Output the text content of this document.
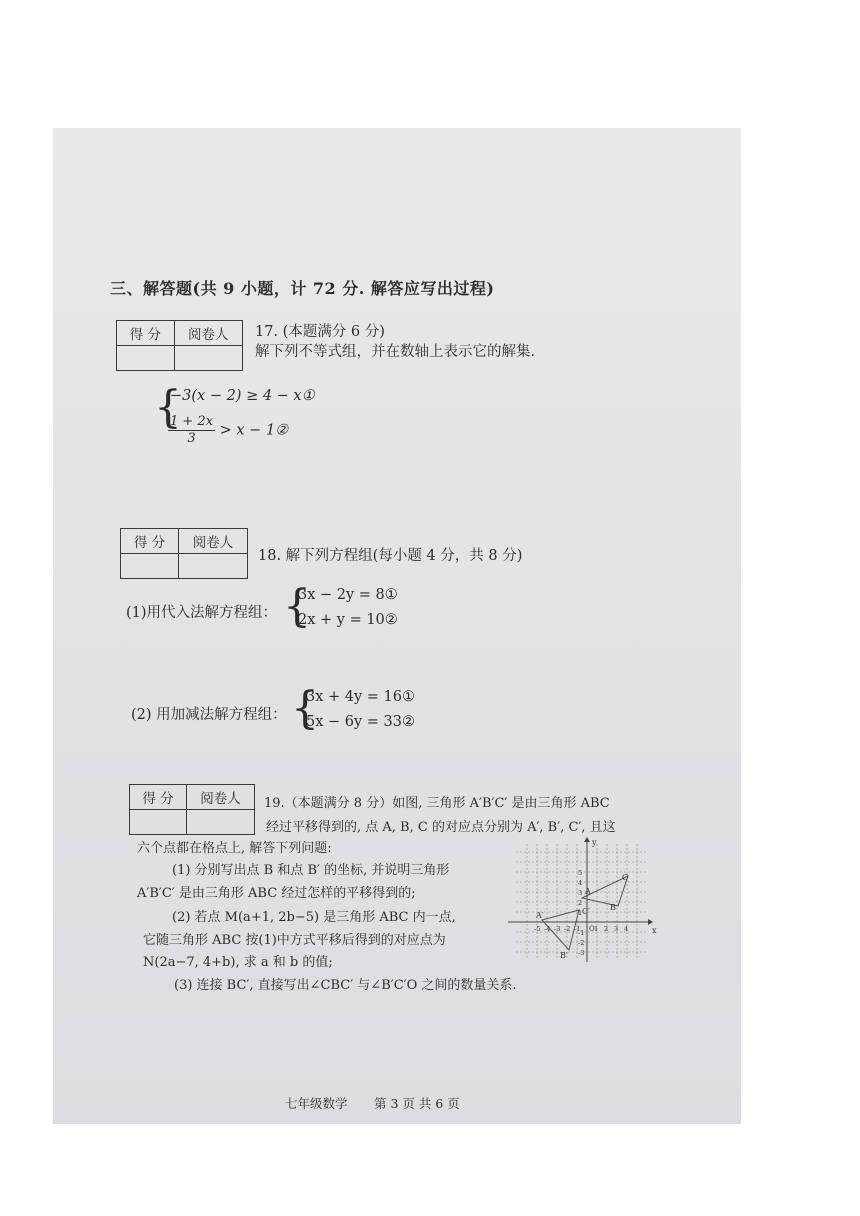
三、解答题(共 9 小题，计 72 分. 解答应写出过程)
得 分	阅卷人
	17. (本题满分 6 分)
解下列不等式组，并在数轴上表示它的解集.
{
−3(x − 2) ≥ 4 − x①
$\frac{1 + 2x}{3} > x$ − 1②
得 分	阅卷人

18. 解下列方程组(每小题 4 分，共 8 分)
(1)用代入法解方程组： {
3x − 2y = 8①
2x + y = 10②
(2) 用加减法解方程组： {
3x + 4y = 16①
5x − 6y = 33②
得 分	阅卷人
	19.（本题满分 8 分）如图, 三角形 A′B′C′ 是由三角形 ABC
经过平移得到的, 点 A, B, C 的对应点分别为 A′, B′, C′, 且这
六个点都在格点上, 解答下列问题:
(1) 分别写出点 B 和点 B′ 的坐标, 并说明三角形
A′B′C′ 是由三角形 ABC 经过怎样的平移得到的;
(2) 若点 M(a+1, 2b−5) 是三角形 ABC 内一点,
它随三角形 ABC 按(1)中方式平移后得到的对应点为
N(2a−7, 4+b), 求 a 和 b 的值;
(3) 连接 BC′, 直接写出∠CBC′ 与∠B′C′O 之间的数量关系.
x
y
O
A
B
C
A′
B′
C′
-5 -4 -3 -2 -1 1 2 3 4
5
4
3
2
1
-1
-2
-3
七年级数学 第 3 页 共 6 页
